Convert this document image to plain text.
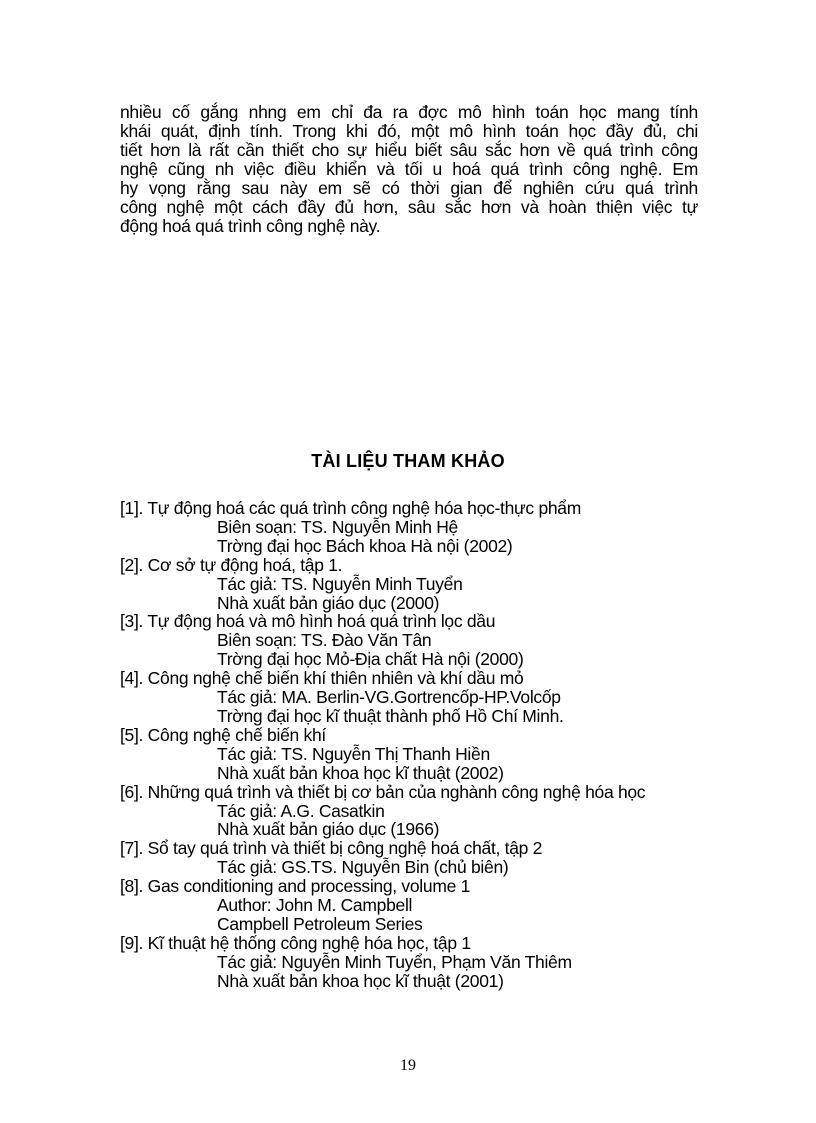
nhiều cố gắng nhng em chỉ đa ra đợc mô hình toán học mang tính
khái quát, định tính. Trong khi đó, một mô hình toán học đầy đủ, chi
tiết hơn là rất cần thiết cho sự hiểu biết sâu sắc hơn về quá trình công
nghệ cũng nh việc điều khiển và tối u hoá quá trình công nghệ. Em
hy vọng rằng sau này em sẽ có thời gian để nghiên cứu quá trình
công nghệ một cách đầy đủ hơn, sâu sắc hơn và hoàn thiện việc tự
động hoá quá trình công nghệ này.
TÀI LIỆU THAM KHẢO
[1]. Tự động hoá các quá trình công nghệ hóa học-thực phẩm
Biên soạn: TS. Nguyễn Minh Hệ
Trờng đại học Bách khoa Hà nội (2002)
[2]. Cơ sở tự động hoá, tập 1.
Tác giả: TS. Nguyễn Minh Tuyển
Nhà xuất bản giáo dục (2000)
[3]. Tự động hoá và mô hình hoá quá trình lọc dầu
Biên soạn: TS. Đào Văn Tân
Trờng đại học Mỏ-Địa chất Hà nội (2000)
[4]. Công nghệ chế biến khí thiên nhiên và khí dầu mỏ
Tác giả: MA. Berlin-VG.Gortrencốp-HP.Volcốp
Trờng đại học kĩ thuật thành phố Hồ Chí Minh.
[5]. Công nghệ chế biến khí
Tác giả: TS. Nguyễn Thị Thanh Hiền
Nhà xuất bản khoa học kĩ thuật (2002)
[6]. Những quá trình và thiết bị cơ bản của nghành công nghệ hóa học
Tác giả: A.G. Casatkin
Nhà xuất bản giáo dục (1966)
[7]. Sổ tay quá trình và thiết bị công nghệ hoá chất, tập 2
Tác giả: GS.TS. Nguyễn Bin (chủ biên)
[8]. Gas conditioning and processing, volume 1
Author: John M. Campbell
Campbell Petroleum Series
[9]. Kĩ thuật hệ thống công nghệ hóa học, tập 1
Tác giả: Nguyễn Minh Tuyển, Phạm Văn Thiêm
Nhà xuất bản khoa học kĩ thuật (2001)
19
